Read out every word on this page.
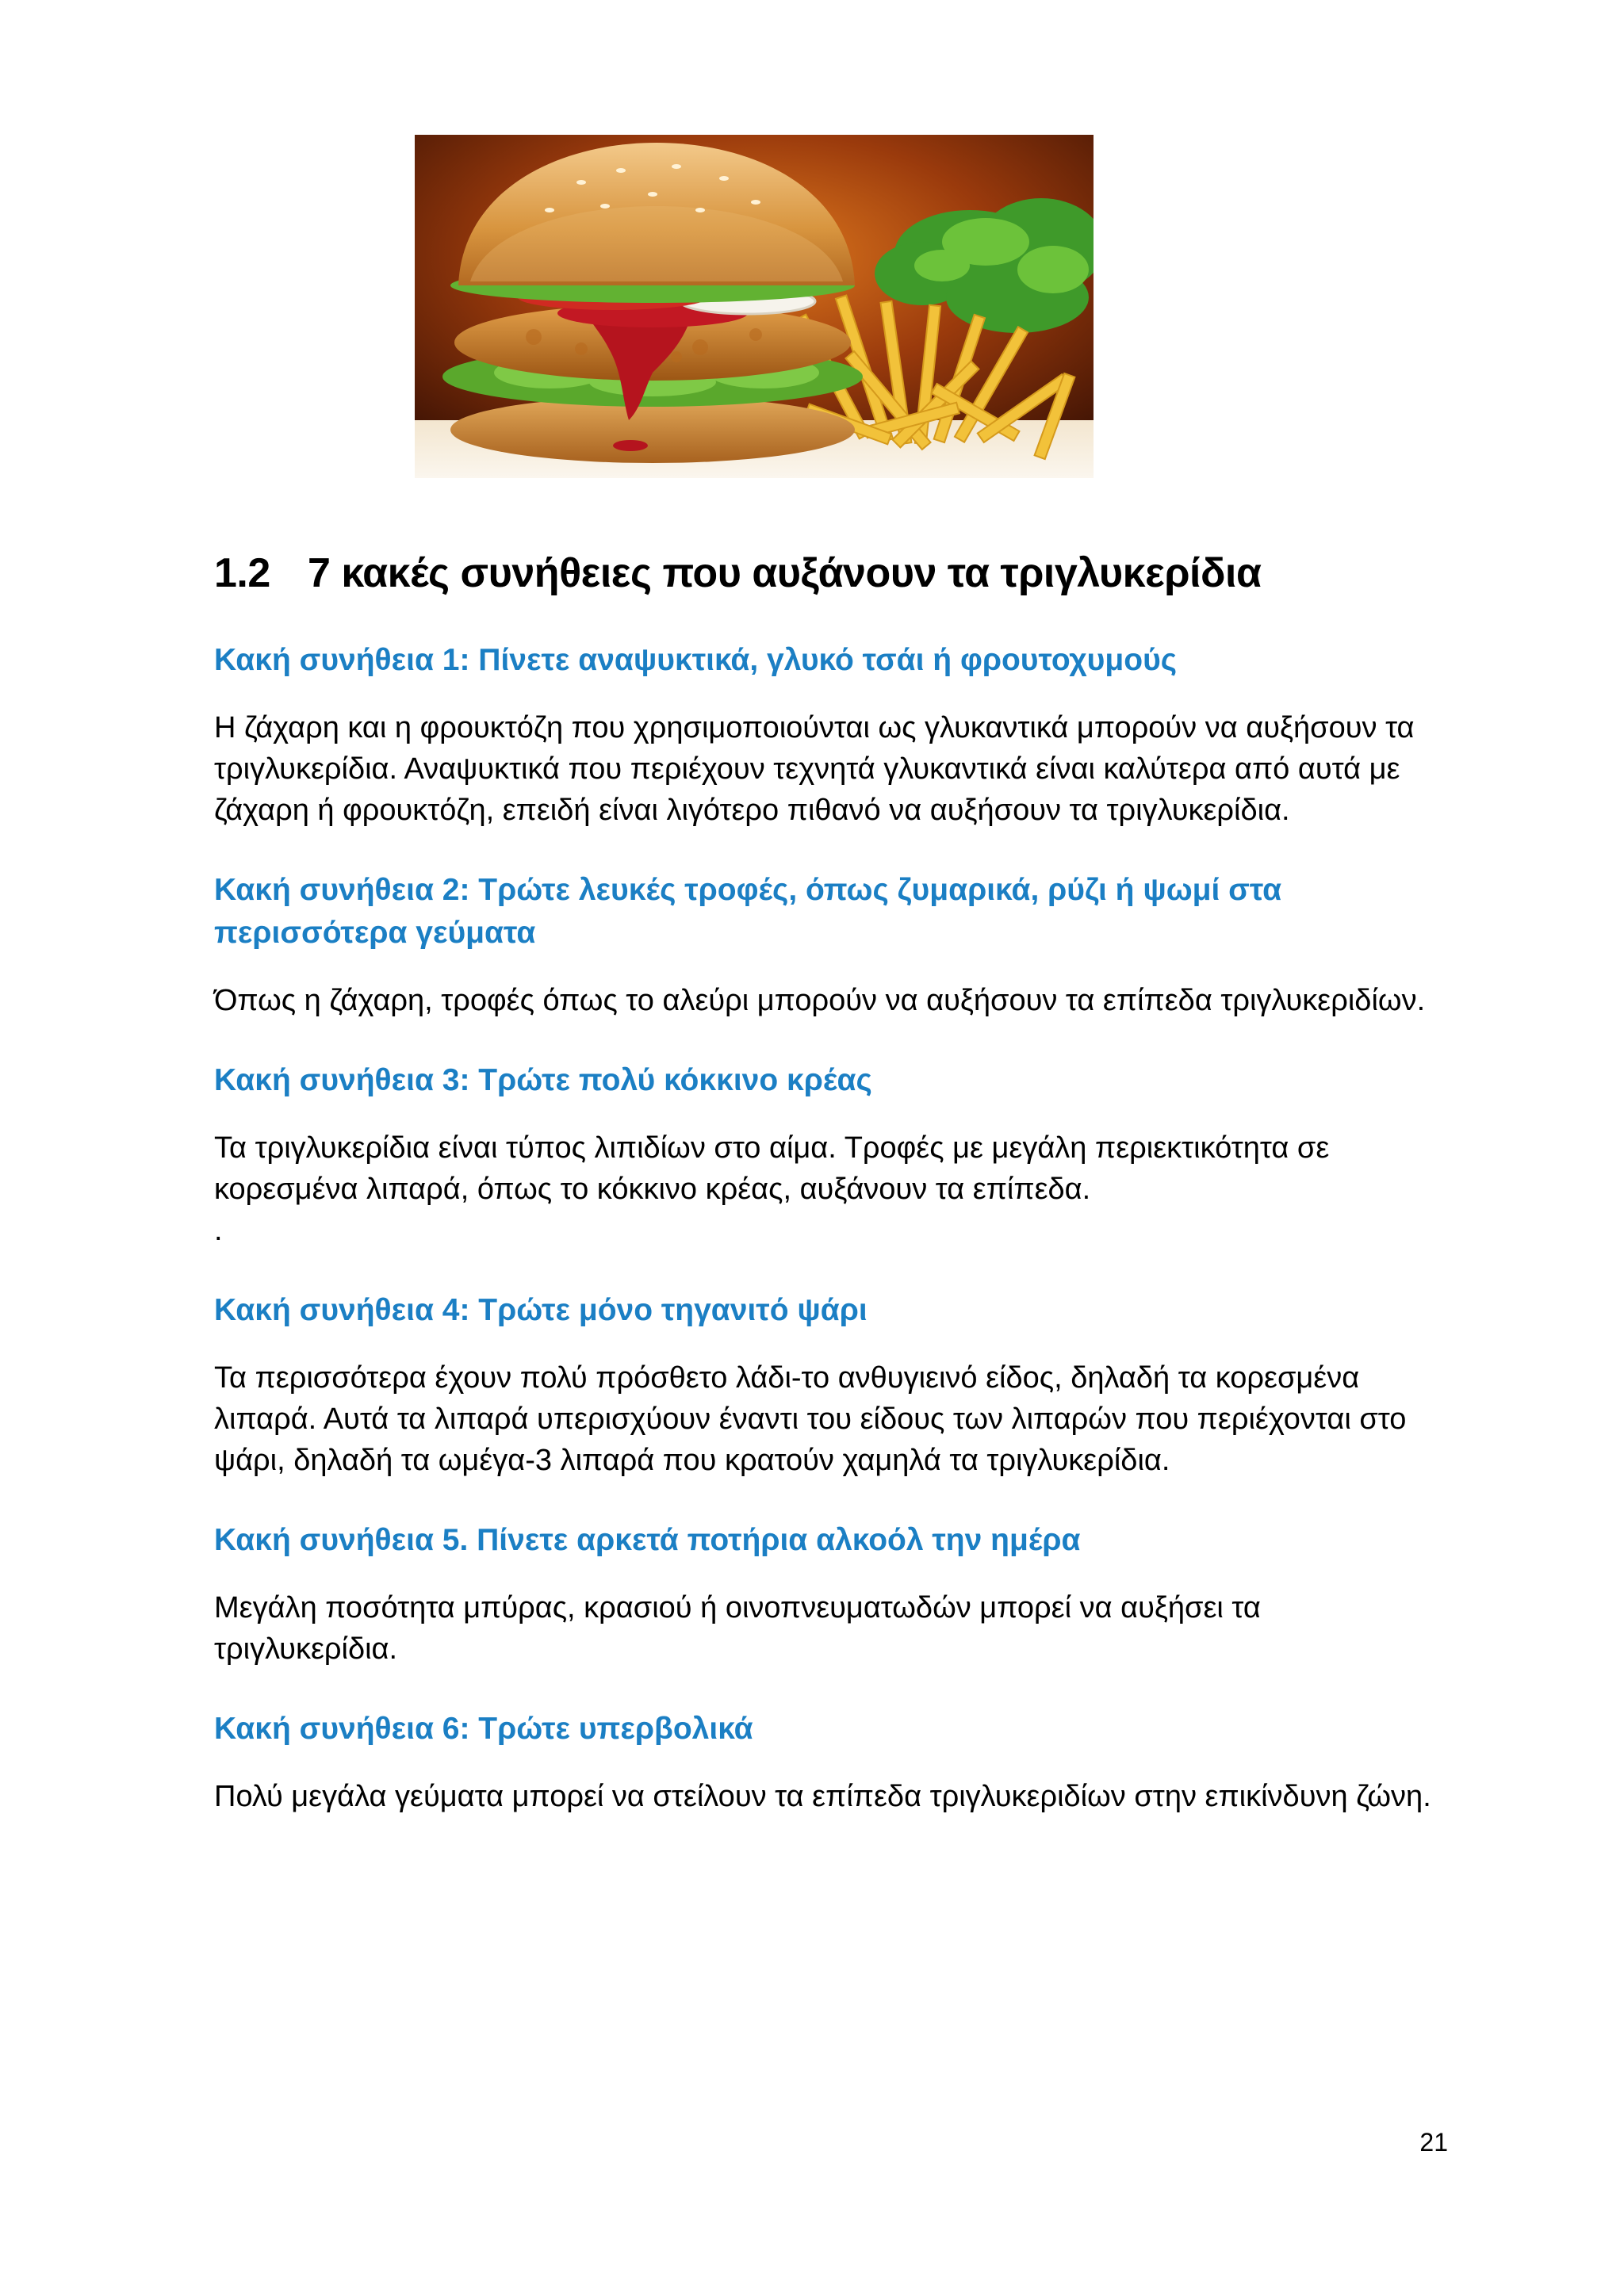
1.2 7 κακές συνήθειες που αυξάνουν τα τριγλυκερίδια
Κακή συνήθεια 1: Πίνετε αναψυκτικά, γλυκό τσάι ή φρουτοχυμούς
Η ζάχαρη και η φρουκτόζη που χρησιμοποιούνται ως γλυκαντικά μπορούν να αυξήσουν τα τριγλυκερίδια. Αναψυκτικά που περιέχουν τεχνητά γλυκαντικά είναι καλύτερα από αυτά με ζάχαρη ή φρουκτόζη, επειδή είναι λιγότερο πιθανό να αυξήσουν τα τριγλυκερίδια.
Κακή συνήθεια 2: Τρώτε λευκές τροφές, όπως ζυμαρικά, ρύζι ή ψωμί στα περισσότερα γεύματα
Όπως η ζάχαρη, τροφές όπως το αλεύρι μπορούν να αυξήσουν τα επίπεδα τριγλυκεριδίων.
Κακή συνήθεια 3: Τρώτε πολύ κόκκινο κρέας
Τα τριγλυκερίδια είναι τύπος λιπιδίων στο αίμα. Τροφές με μεγάλη περιεκτικότητα σε κορεσμένα λιπαρά, όπως το κόκκινο κρέας, αυξάνουν τα επίπεδα.
.
Κακή συνήθεια 4: Τρώτε μόνο τηγανιτό ψάρι
Τα περισσότερα έχουν πολύ πρόσθετο λάδι-το ανθυγιεινό είδος, δηλαδή τα κορεσμένα λιπαρά. Αυτά τα λιπαρά υπερισχύουν έναντι του είδους των λιπαρών που περιέχονται στο ψάρι, δηλαδή τα ωμέγα-3 λιπαρά που κρατούν χαμηλά τα τριγλυκερίδια.
Κακή συνήθεια 5. Πίνετε αρκετά ποτήρια αλκοόλ την ημέρα
Μεγάλη ποσότητα μπύρας, κρασιού ή οινοπνευματωδών μπορεί να αυξήσει τα τριγλυκερίδια.
Κακή συνήθεια 6: Τρώτε υπερβολικά
Πολύ μεγάλα γεύματα μπορεί να στείλουν τα επίπεδα τριγλυκεριδίων στην επικίνδυνη ζώνη.
21
